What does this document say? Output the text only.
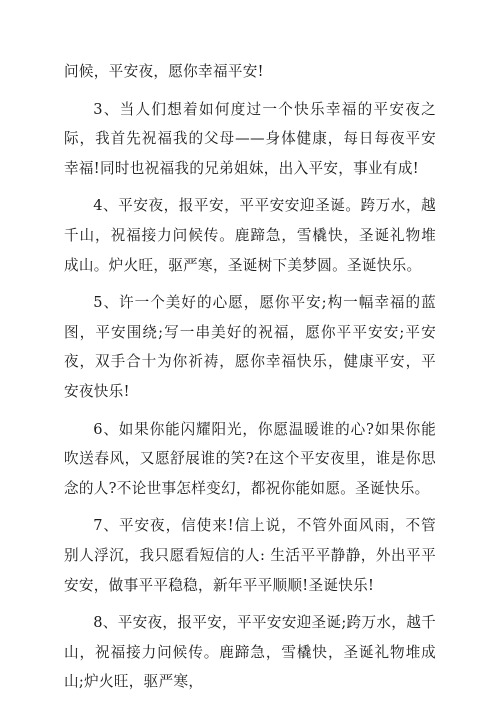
问候，平安夜，愿你幸福平安!

3、当人们想着如何度过一个快乐幸福的平安夜之际，我首先祝福我的父母——身体健康，每日每夜平安幸福!同时也祝福我的兄弟姐妹，出入平安，事业有成!

4、平安夜，报平安，平平安安迎圣诞。跨万水，越千山，祝福接力问候传。鹿蹄急，雪橇快，圣诞礼物堆成山。炉火旺，驱严寒，圣诞树下美梦圆。圣诞快乐。

5、许一个美好的心愿，愿你平安;构一幅幸福的蓝图，平安围绕;写一串美好的祝福，愿你平平安安;平安夜，双手合十为你祈祷，愿你幸福快乐，健康平安，平安夜快乐!

6、如果你能闪耀阳光，你愿温暖谁的心?如果你能吹送春风，又愿舒展谁的笑?在这个平安夜里，谁是你思念的人?不论世事怎样变幻，都祝你能如愿。圣诞快乐。

7、平安夜，信使来!信上说，不管外面风雨，不管别人浮沉，我只愿看短信的人: 生活平平静静，外出平平安安，做事平平稳稳，新年平平顺顺!圣诞快乐!

8、平安夜，报平安，平平安安迎圣诞;跨万水，越千山，祝福接力问候传。鹿蹄急，雪橇快，圣诞礼物堆成山;炉火旺，驱严寒，
